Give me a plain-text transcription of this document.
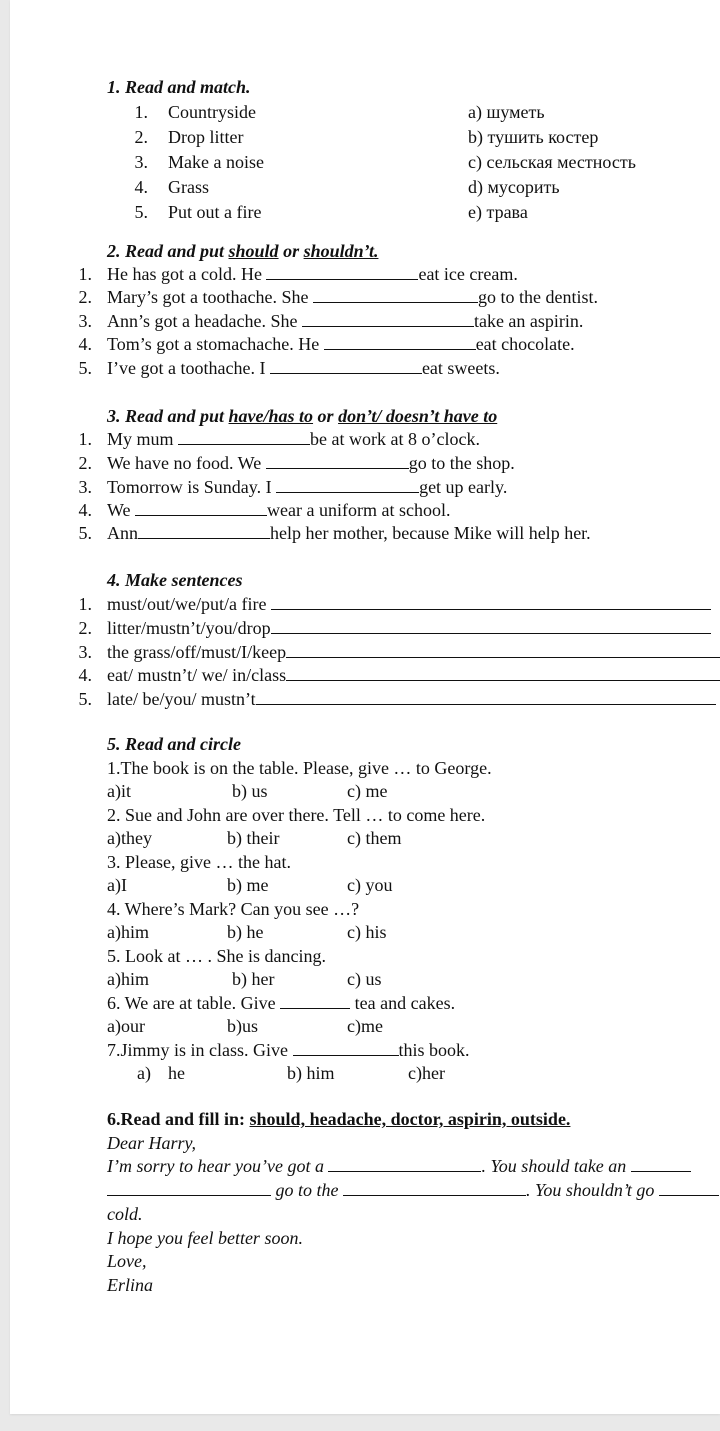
1. Read and match.
1. Countryside	a) шуметь
2. Drop litter	b) тушить костер
3. Make a noise	c) сельская местность
4. Grass	d) мусорить
5. Put out a fire	e) трава
2. Read and put should or shouldn’t.
1. He has got a cold. He	eat ice cream.
2. Mary’s got a toothache. She	go to the dentist.
3. Ann’s got a headache. She	take an aspirin.
4. Tom’s got a stomachache. He	eat chocolate.
5. I’ve got a toothache. I	eat sweets.
3. Read and put have/has to or don’t/ doesn’t have to
1. My mum	be at work at 8 o’clock.
2. We have no food. We	go to the shop.
3. Tomorrow is Sunday. I	get up early.
4. We	wear a uniform at school.
5. Ann	help her mother, because Mike will help her.
4. Make sentences
1. must/out/we/put/a fire
2. litter/mustn’t/you/drop
3. the grass/off/must/I/keep
4. eat/ mustn’t/ we/ in/class
5. late/ be/you/ mustn’t
5. Read and circle
1.The book is on the table. Please, give … to George.
a)it	b) us	c) me
2. Sue and John are over there. Tell … to come here.
a)they	b) their	c) them
3. Please, give … the hat.
a)I	b) me	c) you
4. Where’s Mark? Can you see …?
a)him	b) he	c) his
5. Look at … . She is dancing.
a)him	b) her	c) us
6. We are at table. Give	tea and cakes.
a)our	b)us	c)me
7.Jimmy is in class. Give	this book.
a) he	b) him	c)her
6.Read and fill in: should, headache, doctor, aspirin, outside.
Dear Harry,
I’m sorry to hear you’ve got a	. You should take an
go to the	. You shouldn’t go
cold.
I hope you feel better soon.
Love,
Erlina
